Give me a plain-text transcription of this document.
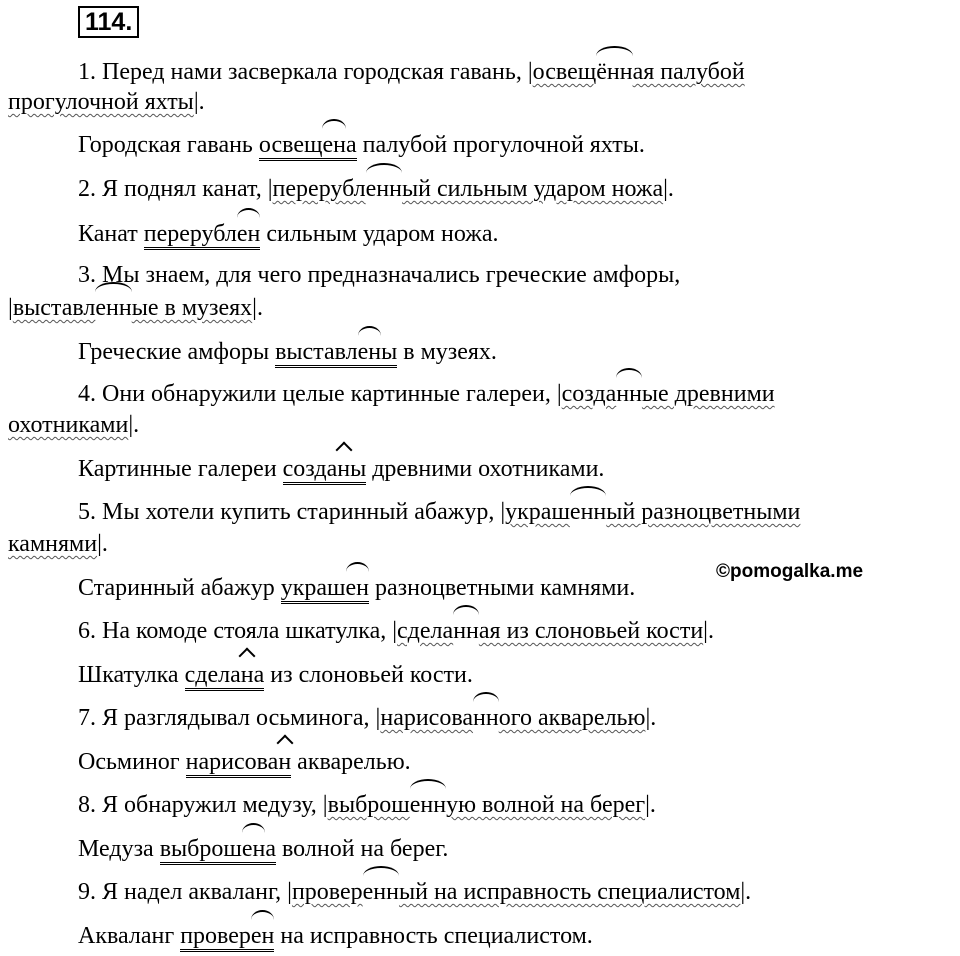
114.
1. Перед нами засверкала городская гавань, |освещённая палубой
прогулочной яхты|.
Городская гавань освещена палубой прогулочной яхты.
2. Я поднял канат, |перерубленный сильным ударом ножа|.
Канат перерублен сильным ударом ножа.
3. Мы знаем, для чего предназначались греческие амфоры,
|выставленные в музеях|.
Греческие амфоры выставлены в музеях.
4. Они обнаружили целые картинные галереи, |созданные древними
охотниками|.
Картинные галереи созданы древними охотниками.
5. Мы хотели купить старинный абажур, |украшенный разноцветными
камнями|.
Старинный абажур украшен разноцветными камнями.
©pomogalka.me
6. На комоде стояла шкатулка, |сделанная из слоновьей кости|.
Шкатулка сделана из слоновьей кости.
7. Я разглядывал осьминога, |нарисованного акварелью|.
Осьминог нарисован акварелью.
8. Я обнаружил медузу, |выброшенную волной на берег|.
Медуза выброшена волной на берег.
9. Я надел акваланг, |проверенный на исправность специалистом|.
Акваланг проверен на исправность специалистом.
